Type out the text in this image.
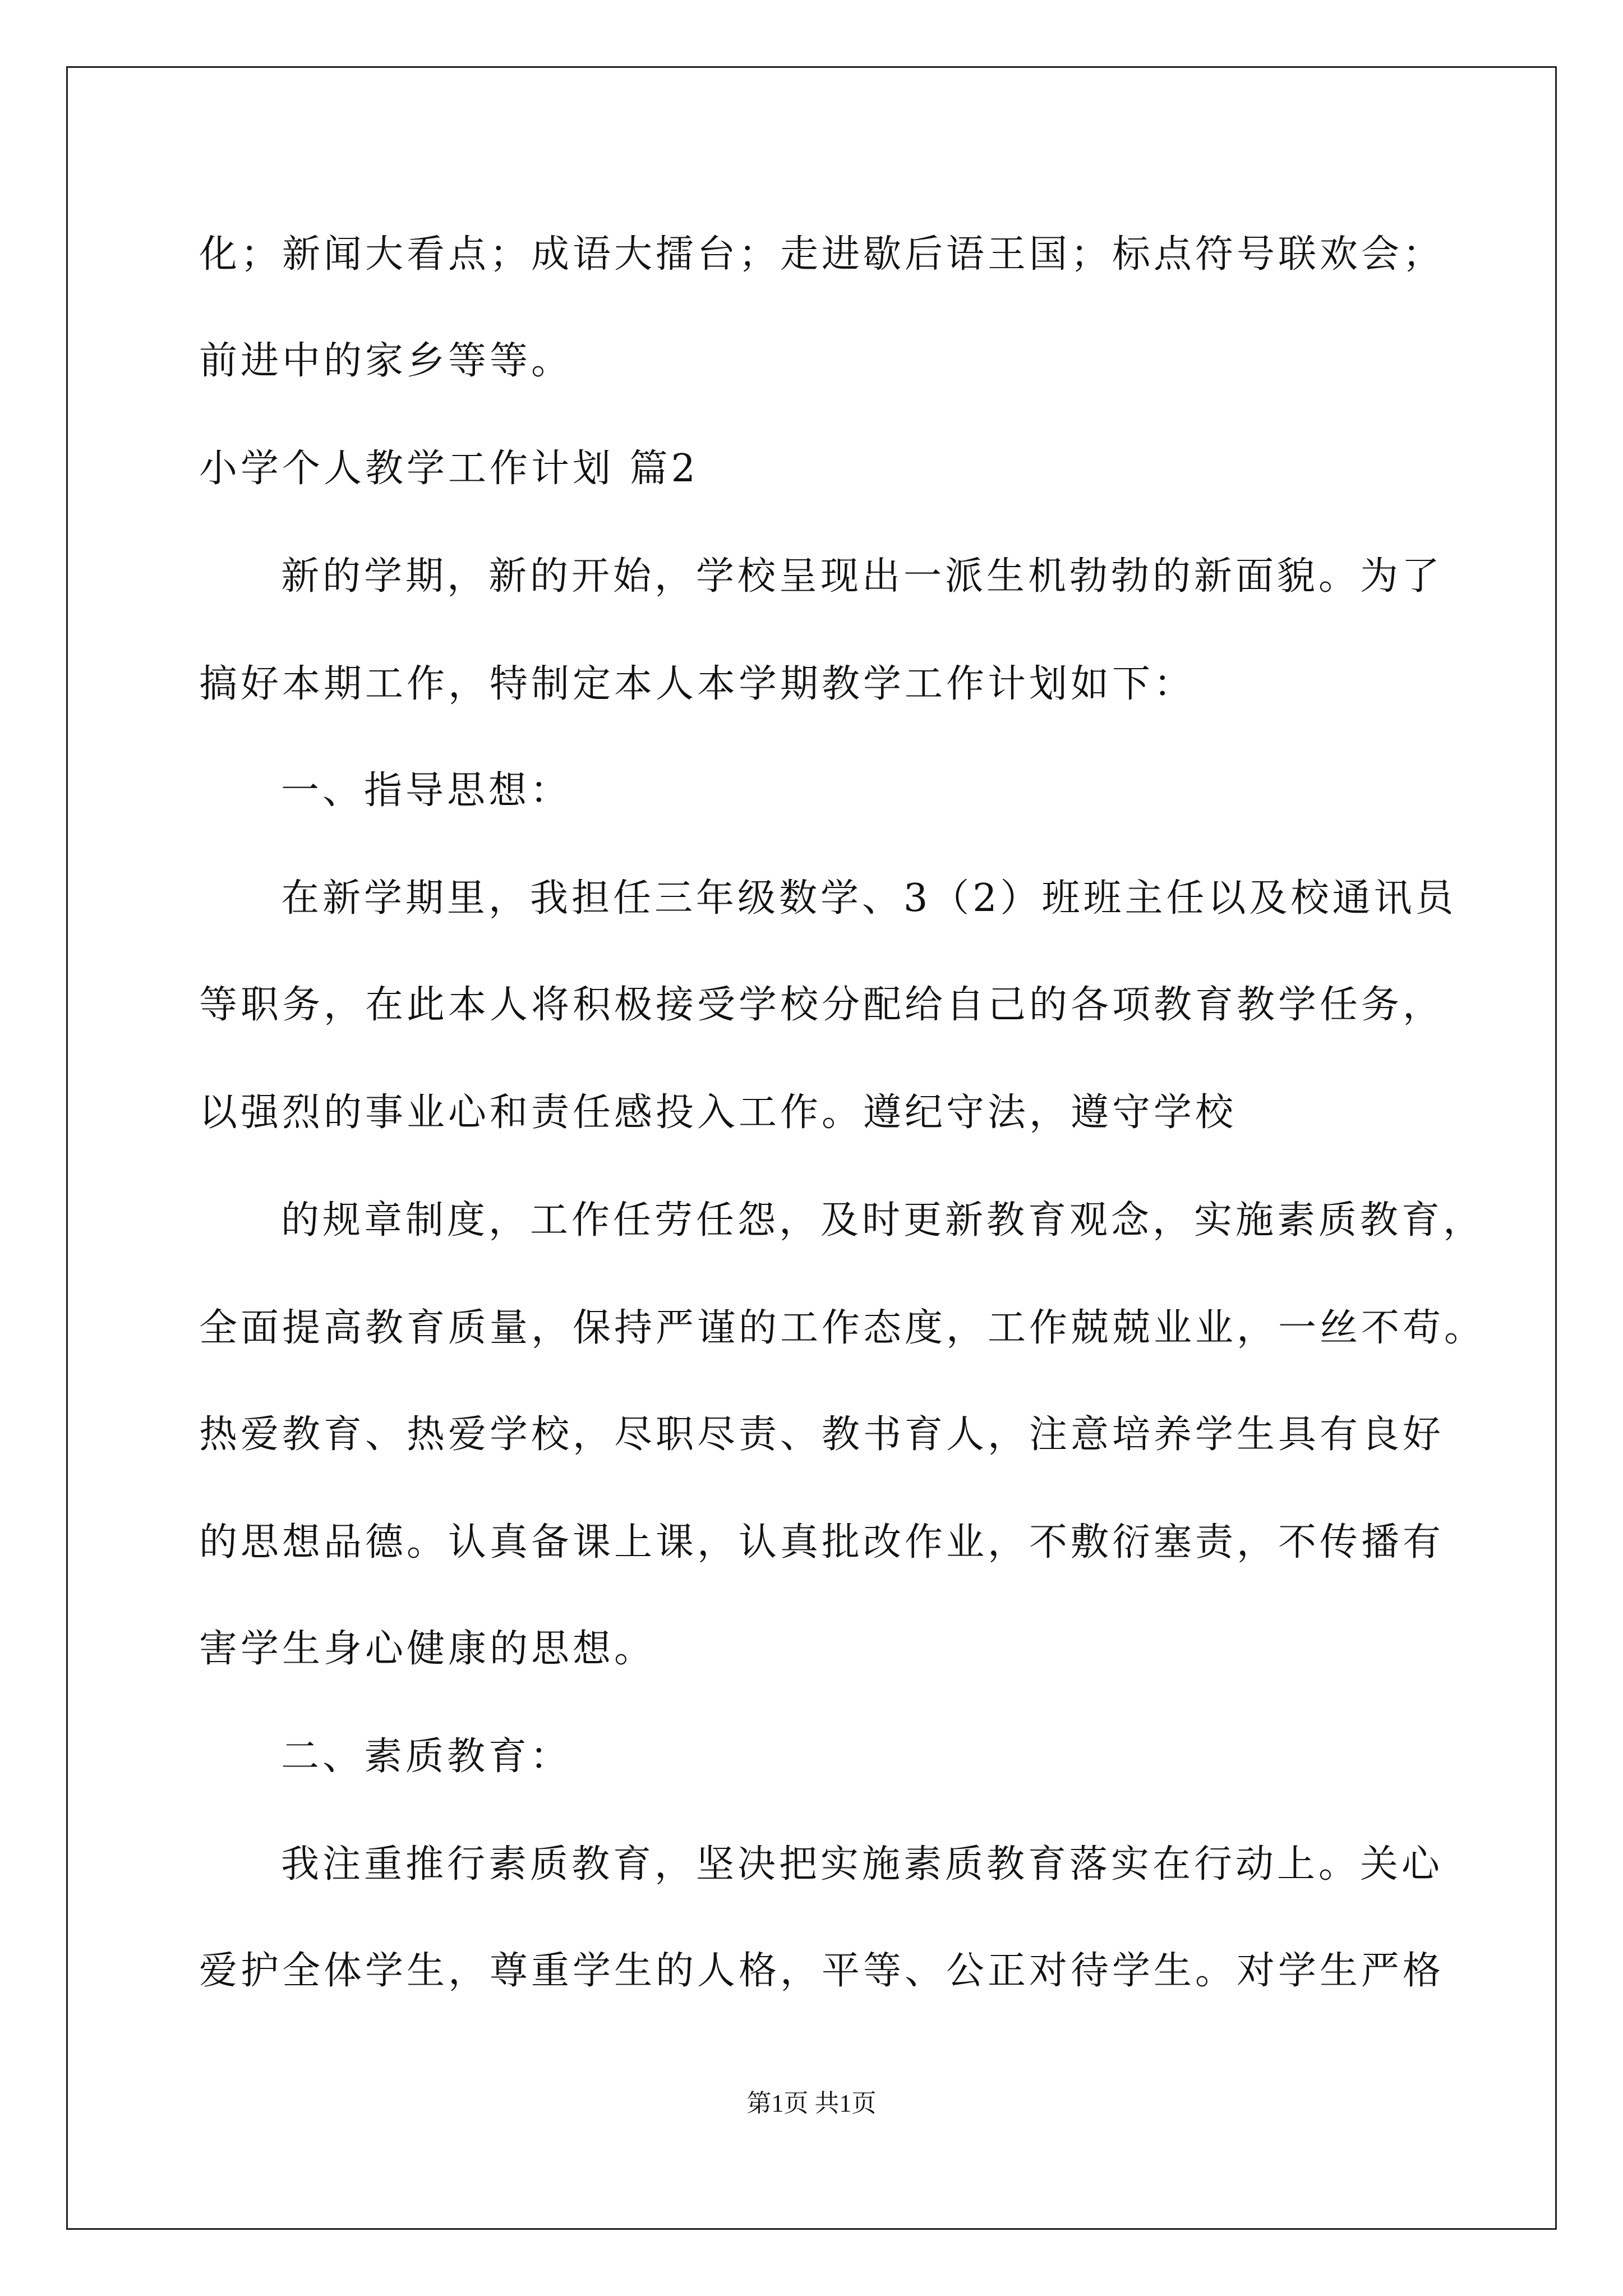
化；新闻大看点；成语大擂台；走进歇后语王国；标点符号联欢会；
前进中的家乡等等。
小学个人教学工作计划 篇2
新的学期，新的开始，学校呈现出一派生机勃勃的新面貌。为了
搞好本期工作，特制定本人本学期教学工作计划如下：
一、指导思想：
在新学期里，我担任三年级数学、3（2）班班主任以及校通讯员
等职务，在此本人将积极接受学校分配给自己的各项教育教学任务，
以强烈的事业心和责任感投入工作。遵纪守法，遵守学校
的规章制度，工作任劳任怨，及时更新教育观念，实施素质教育，
全面提高教育质量，保持严谨的工作态度，工作兢兢业业，一丝不苟。
热爱教育、热爱学校，尽职尽责、教书育人，注意培养学生具有良好
的思想品德。认真备课上课，认真批改作业，不敷衍塞责，不传播有
害学生身心健康的思想。
二、素质教育：
我注重推行素质教育，坚决把实施素质教育落实在行动上。关心
爱护全体学生，尊重学生的人格，平等、公正对待学生。对学生严格
第1页 共1页
